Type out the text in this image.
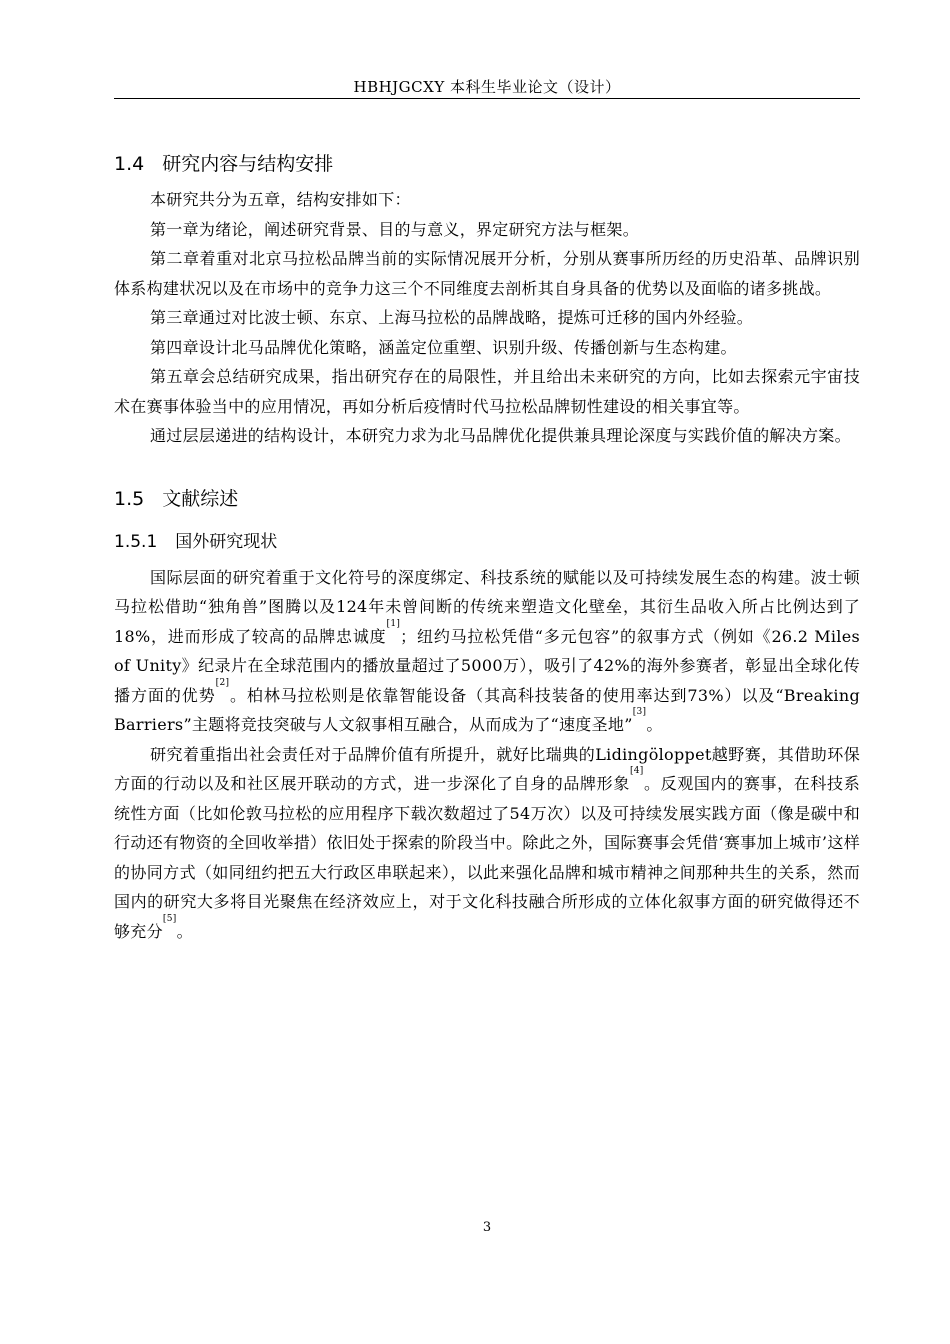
HBHJGCXY 本科生毕业论文（设计）
1.4 研究内容与结构安排

本研究共分为五章，结构安排如下：

第一章为绪论，阐述研究背景、目的与意义，界定研究方法与框架。

第二章着重对北京马拉松品牌当前的实际情况展开分析，分别从赛事所历经的历史沿革、品牌识别体系构建状况以及在市场中的竞争力这三个不同维度去剖析其自身具备的优势以及面临的诸多挑战。

第三章通过对比波士顿、东京、上海马拉松的品牌战略，提炼可迁移的国内外经验。

第四章设计北马品牌优化策略，涵盖定位重塑、识别升级、传播创新与生态构建。

第五章会总结研究成果，指出研究存在的局限性，并且给出未来研究的方向，比如去探索元宇宙技术在赛事体验当中的应用情况，再如分析后疫情时代马拉松品牌韧性建设的相关事宜等。

通过层层递进的结构设计，本研究力求为北马品牌优化提供兼具理论深度与实践价值的解决方案。

1.5 文献综述
1.5.1 国外研究现状

国际层面的研究着重于文化符号的深度绑定、科技系统的赋能以及可持续发展生态的构建。波士顿马拉松借助“独角兽”图腾以及124年未曾间断的传统来塑造文化壁垒，其衍生品收入所占比例达到了18%，进而形成了较高的品牌忠诚度[1]；纽约马拉松凭借“多元包容”的叙事方式（例如《26.2 Miles of Unity》纪录片在全球范围内的播放量超过了5000万），吸引了42%的海外参赛者，彰显出全球化传播方面的优势[2]。柏林马拉松则是依靠智能设备（其高科技装备的使用率达到73%）以及“Breaking Barriers”主题将竞技突破与人文叙事相互融合，从而成为了“速度圣地”[3]。

研究着重指出社会责任对于品牌价值有所提升，就好比瑞典的Lidingöloppet越野赛，其借助环保方面的行动以及和社区展开联动的方式，进一步深化了自身的品牌形象[4]。反观国内的赛事，在科技系统性方面（比如伦敦马拉松的应用程序下载次数超过了54万次）以及可持续发展实践方面（像是碳中和行动还有物资的全回收举措）依旧处于探索的阶段当中。除此之外，国际赛事会凭借‘赛事加上城市’这样的协同方式（如同纽约把五大行政区串联起来），以此来强化品牌和城市精神之间那种共生的关系，然而国内的研究大多将目光聚焦在经济效应上，对于文化科技融合所形成的立体化叙事方面的研究做得还不够充分[5]。

3
